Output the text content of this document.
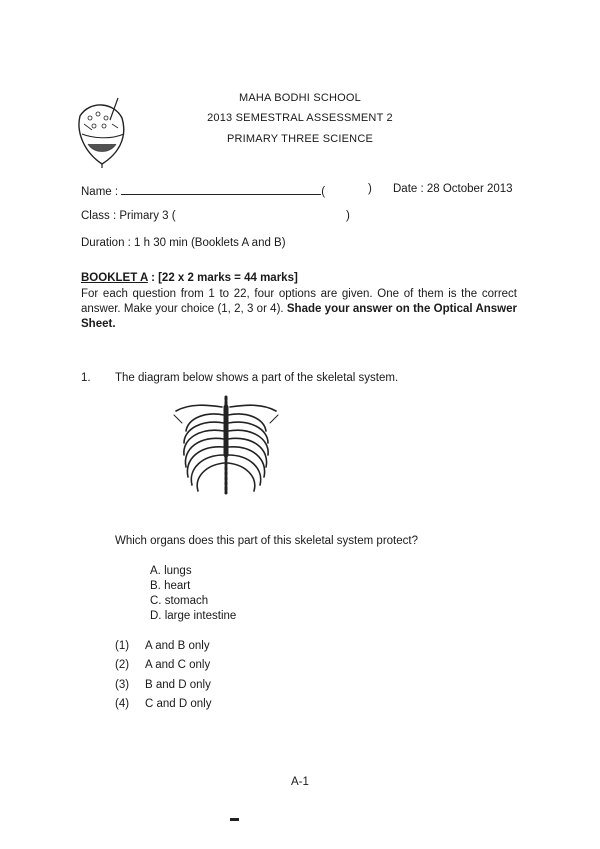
MAHA BODHI SCHOOL
2013 SEMESTRAL ASSESSMENT 2
PRIMARY THREE SCIENCE
Name :	(	) Date : 28 October 2013
Class : Primary 3 (	)
Duration : 1 h 30 min (Booklets A and B)
BOOKLET A : [22 x 2 marks = 44 marks]
For each question from 1 to 22, four options are given. One of them is the correct answer. Make your choice (1, 2, 3 or 4). Shade your answer on the Optical Answer Sheet.
1. The diagram below shows a part of the skeletal system.
Which organs does this part of this skeletal system protect?
A. lungs
B. heart
C. stomach
D. large intestine
(1) A and B only
(2) A and C only
(3) B and D only
(4) C and D only
A-1
